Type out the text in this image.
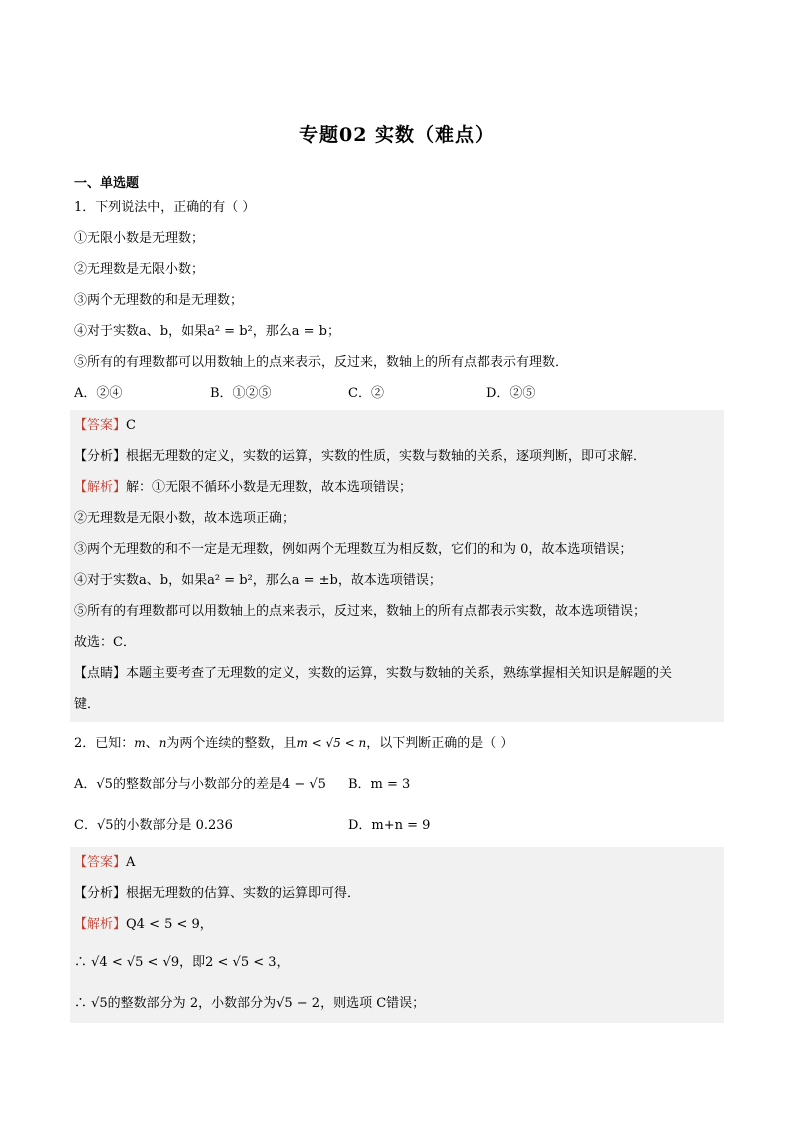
专题02 实数（难点）
一、单选题
1．下列说法中，正确的有（ ）
①无限小数是无理数；
②无理数是无限小数；
③两个无理数的和是无理数；
④对于实数a、b，如果a² = b²，那么a = b；
⑤所有的有理数都可以用数轴上的点来表示，反过来，数轴上的所有点都表示有理数．
A．②④	B．①②⑤	C．②	D．②⑤
【答案】C
【分析】根据无理数的定义，实数的运算，实数的性质，实数与数轴的关系，逐项判断，即可求解．
【解析】解：①无限不循环小数是无理数，故本选项错误；
②无理数是无限小数，故本选项正确；
③两个无理数的和不一定是无理数，例如两个无理数互为相反数，它们的和为 0，故本选项错误；
④对于实数a、b，如果a² = b²，那么a = ±b，故本选项错误；
⑤所有的有理数都可以用数轴上的点来表示，反过来，数轴上的所有点都表示实数，故本选项错误；
故选：C．
【点睛】本题主要考查了无理数的定义，实数的运算，实数与数轴的关系，熟练掌握相关知识是解题的关
键．
2．已知：m、n为两个连续的整数，且m < √5 < n，以下判断正确的是（ ）
A．√5的整数部分与小数部分的差是4 − √5 B．m = 3
C．√5的小数部分是 0.236	D．m+n = 9
【答案】A
【分析】根据无理数的估算、实数的运算即可得．
【解析】Q4 < 5 < 9，
∴ √4 < √5 < √9，即2 < √5 < 3，
∴ √5的整数部分为 2，小数部分为√5 − 2，则选项 C错误；
